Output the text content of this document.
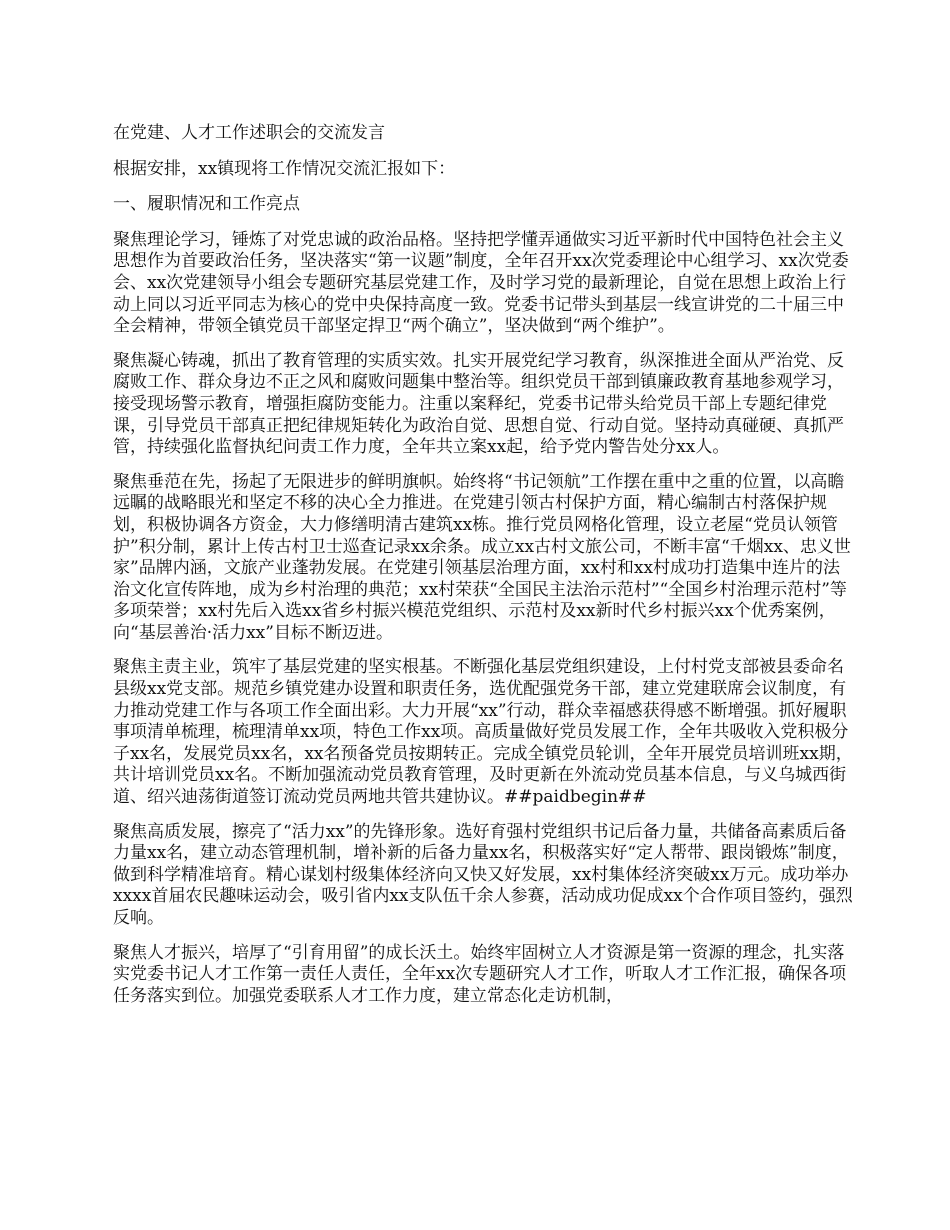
在党建、人才工作述职会的交流发言

根据安排，xx镇现将工作情况交流汇报如下：

一、履职情况和工作亮点

聚焦理论学习，锤炼了对党忠诚的政治品格。坚持把学懂弄通做实习近平新时代中国特色社会主义思想作为首要政治任务，坚决落实“第一议题”制度，全年召开xx次党委理论中心组学习、xx次党委会、xx次党建领导小组会专题研究基层党建工作，及时学习党的最新理论，自觉在思想上政治上行动上同以习近平同志为核心的党中央保持高度一致。党委书记带头到基层一线宣讲党的二十届三中全会精神，带领全镇党员干部坚定捍卫“两个确立”，坚决做到“两个维护”。

聚焦凝心铸魂，抓出了教育管理的实质实效。扎实开展党纪学习教育，纵深推进全面从严治党、反腐败工作、群众身边不正之风和腐败问题集中整治等。组织党员干部到镇廉政教育基地参观学习，接受现场警示教育，增强拒腐防变能力。注重以案释纪，党委书记带头给党员干部上专题纪律党课，引导党员干部真正把纪律规矩转化为政治自觉、思想自觉、行动自觉。坚持动真碰硬、真抓严管，持续强化监督执纪问责工作力度，全年共立案xx起，给予党内警告处分xx人。

聚焦垂范在先，扬起了无限进步的鲜明旗帜。始终将“书记领航”工作摆在重中之重的位置，以高瞻远瞩的战略眼光和坚定不移的决心全力推进。在党建引领古村保护方面，精心编制古村落保护规划，积极协调各方资金，大力修缮明清古建筑xx栋。推行党员网格化管理，设立老屋“党员认领管护”积分制，累计上传古村卫士巡查记录xx余条。成立xx古村文旅公司，不断丰富“千烟xx、忠义世家”品牌内涵，文旅产业蓬勃发展。在党建引领基层治理方面，xx村和xx村成功打造集中连片的法治文化宣传阵地，成为乡村治理的典范；xx村荣获“全国民主法治示范村”“全国乡村治理示范村”等多项荣誉；xx村先后入选xx省乡村振兴模范党组织、示范村及xx新时代乡村振兴xx个优秀案例，向“基层善治·活力xx”目标不断迈进。

聚焦主责主业，筑牢了基层党建的坚实根基。不断强化基层党组织建设，上付村党支部被县委命名县级xx党支部。规范乡镇党建办设置和职责任务，选优配强党务干部，建立党建联席会议制度，有力推动党建工作与各项工作全面出彩。大力开展“xx”行动，群众幸福感获得感不断增强。抓好履职事项清单梳理，梳理清单xx项，特色工作xx项。高质量做好党员发展工作，全年共吸收入党积极分子xx名，发展党员xx名，xx名预备党员按期转正。完成全镇党员轮训，全年开展党员培训班xx期，共计培训党员xx名。不断加强流动党员教育管理，及时更新在外流动党员基本信息，与义乌城西街道、绍兴迪荡街道签订流动党员两地共管共建协议。##paidbegin##

聚焦高质发展，擦亮了“活力xx”的先锋形象。选好育强村党组织书记后备力量，共储备高素质后备力量xx名，建立动态管理机制，增补新的后备力量xx名，积极落实好“定人帮带、跟岗锻炼”制度，做到科学精准培育。精心谋划村级集体经济向又快又好发展，xx村集体经济突破xx万元。成功举办xxxx首届农民趣味运动会，吸引省内xx支队伍千余人参赛，活动成功促成xx个合作项目签约，强烈反响。

聚焦人才振兴，培厚了“引育用留”的成长沃土。始终牢固树立人才资源是第一资源的理念，扎实落实党委书记人才工作第一责任人责任，全年xx次专题研究人才工作，听取人才工作汇报，确保各项任务落实到位。加强党委联系人才工作力度，建立常态化走访机制，
